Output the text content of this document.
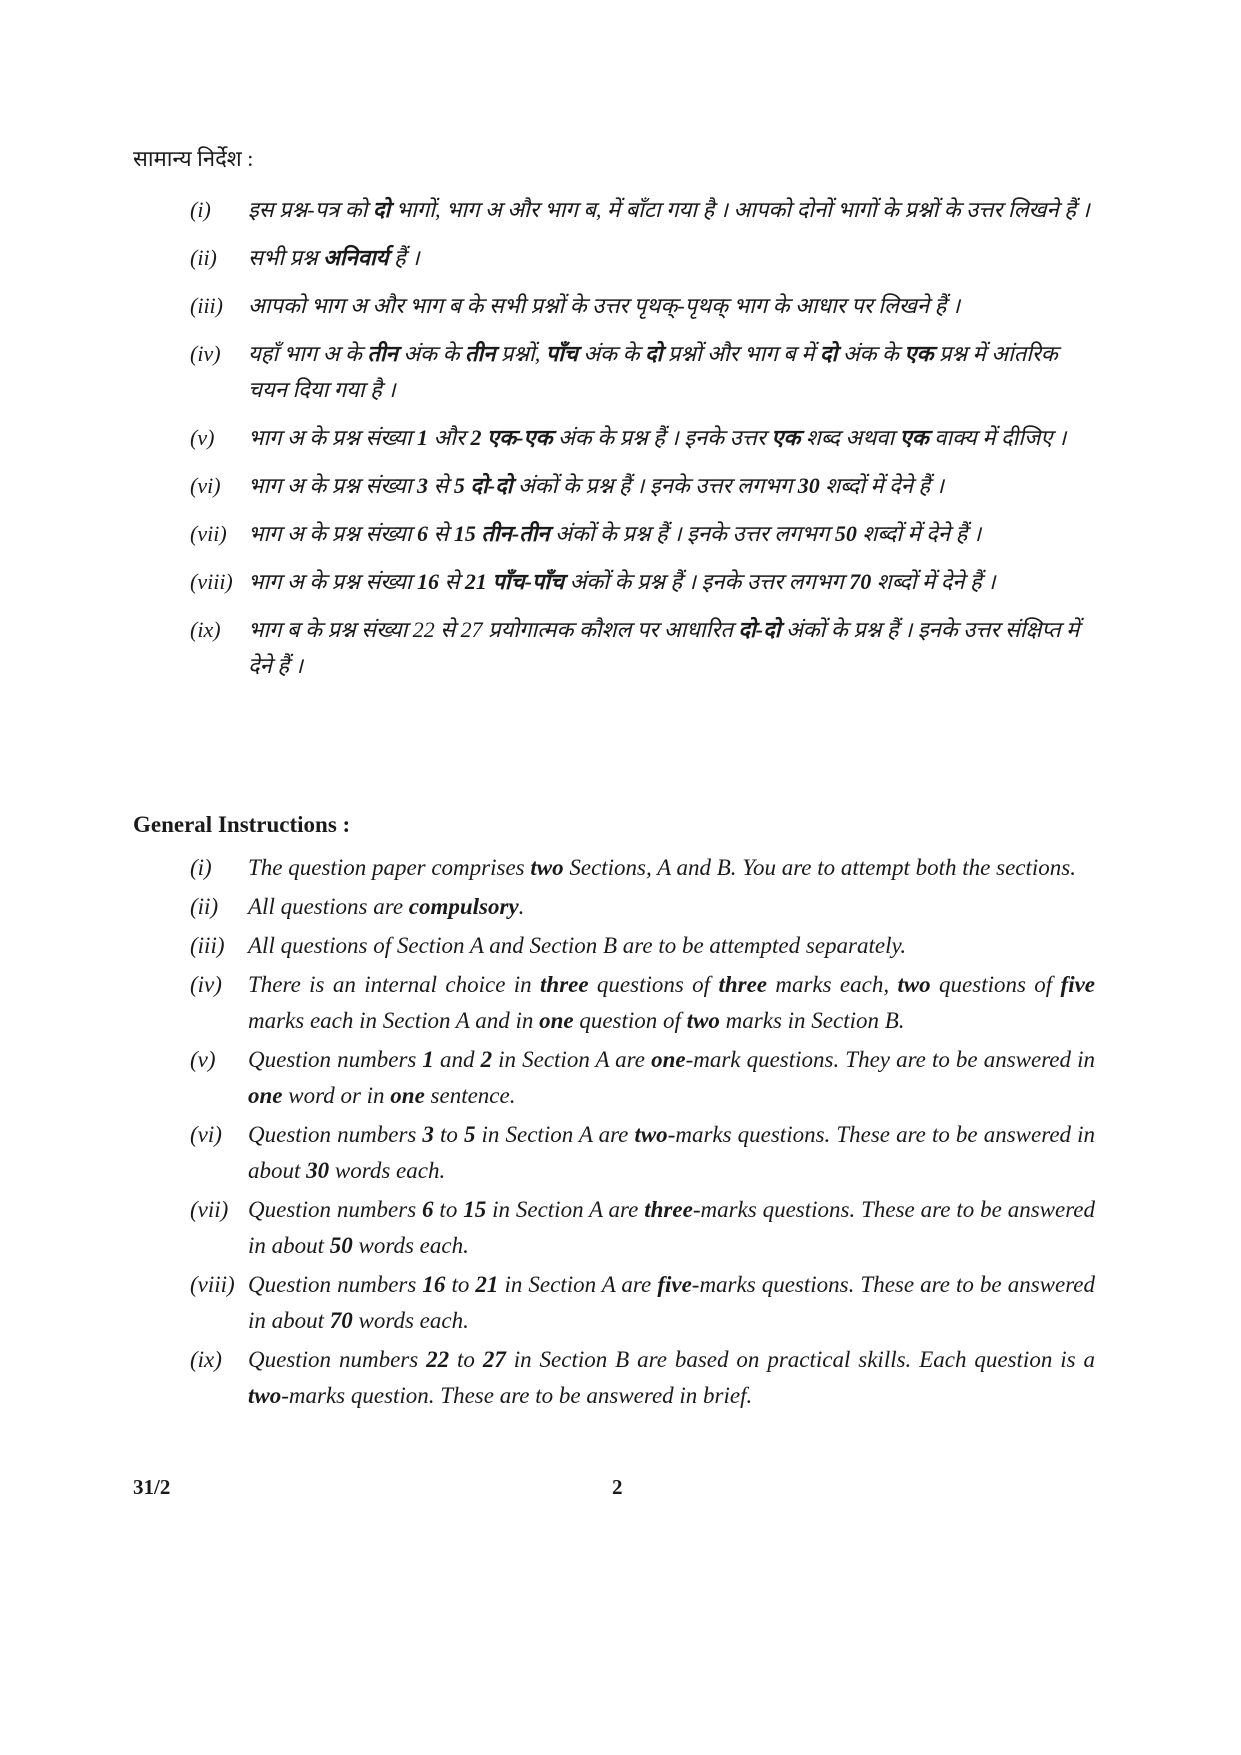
सामान्य निर्देश :
(i) इस प्रश्न-पत्र को दो भागों, भाग अ और भाग ब, में बाँटा गया है । आपको दोनों भागों के प्रश्नों के उत्तर लिखने हैं ।
(ii) सभी प्रश्न अनिवार्य हैं ।
(iii) आपको भाग अ और भाग ब के सभी प्रश्नों के उत्तर पृथक्-पृथक् भाग के आधार पर लिखने हैं ।
(iv) यहाँ भाग अ के तीन अंक के तीन प्रश्नों, पाँच अंक के दो प्रश्नों और भाग ब में दो अंक के एक प्रश्न में आंतरिक चयन दिया गया है ।
(v) भाग अ के प्रश्न संख्या 1 और 2 एक-एक अंक के प्रश्न हैं । इनके उत्तर एक शब्द अथवा एक वाक्य में दीजिए ।
(vi) भाग अ के प्रश्न संख्या 3 से 5 दो-दो अंकों के प्रश्न हैं । इनके उत्तर लगभग 30 शब्दों में देने हैं ।
(vii) भाग अ के प्रश्न संख्या 6 से 15 तीन-तीन अंकों के प्रश्न हैं । इनके उत्तर लगभग 50 शब्दों में देने हैं ।
(viii) भाग अ के प्रश्न संख्या 16 से 21 पाँच-पाँच अंकों के प्रश्न हैं । इनके उत्तर लगभग 70 शब्दों में देने हैं ।
(ix) भाग ब के प्रश्न संख्या 22 से 27 प्रयोगात्मक कौशल पर आधारित दो-दो अंकों के प्रश्न हैं । इनके उत्तर संक्षिप्त में देने हैं ।
General Instructions :
(i) The question paper comprises two Sections, A and B. You are to attempt both the sections.
(ii) All questions are compulsory.
(iii) All questions of Section A and Section B are to be attempted separately.
(iv) There is an internal choice in three questions of three marks each, two questions of five marks each in Section A and in one question of two marks in Section B.
(v) Question numbers 1 and 2 in Section A are one-mark questions. They are to be answered in one word or in one sentence.
(vi) Question numbers 3 to 5 in Section A are two-marks questions. These are to be answered in about 30 words each.
(vii) Question numbers 6 to 15 in Section A are three-marks questions. These are to be answered in about 50 words each.
(viii) Question numbers 16 to 21 in Section A are five-marks questions. These are to be answered in about 70 words each.
(ix) Question numbers 22 to 27 in Section B are based on practical skills. Each question is a two-marks question. These are to be answered in brief.
31/2	2
